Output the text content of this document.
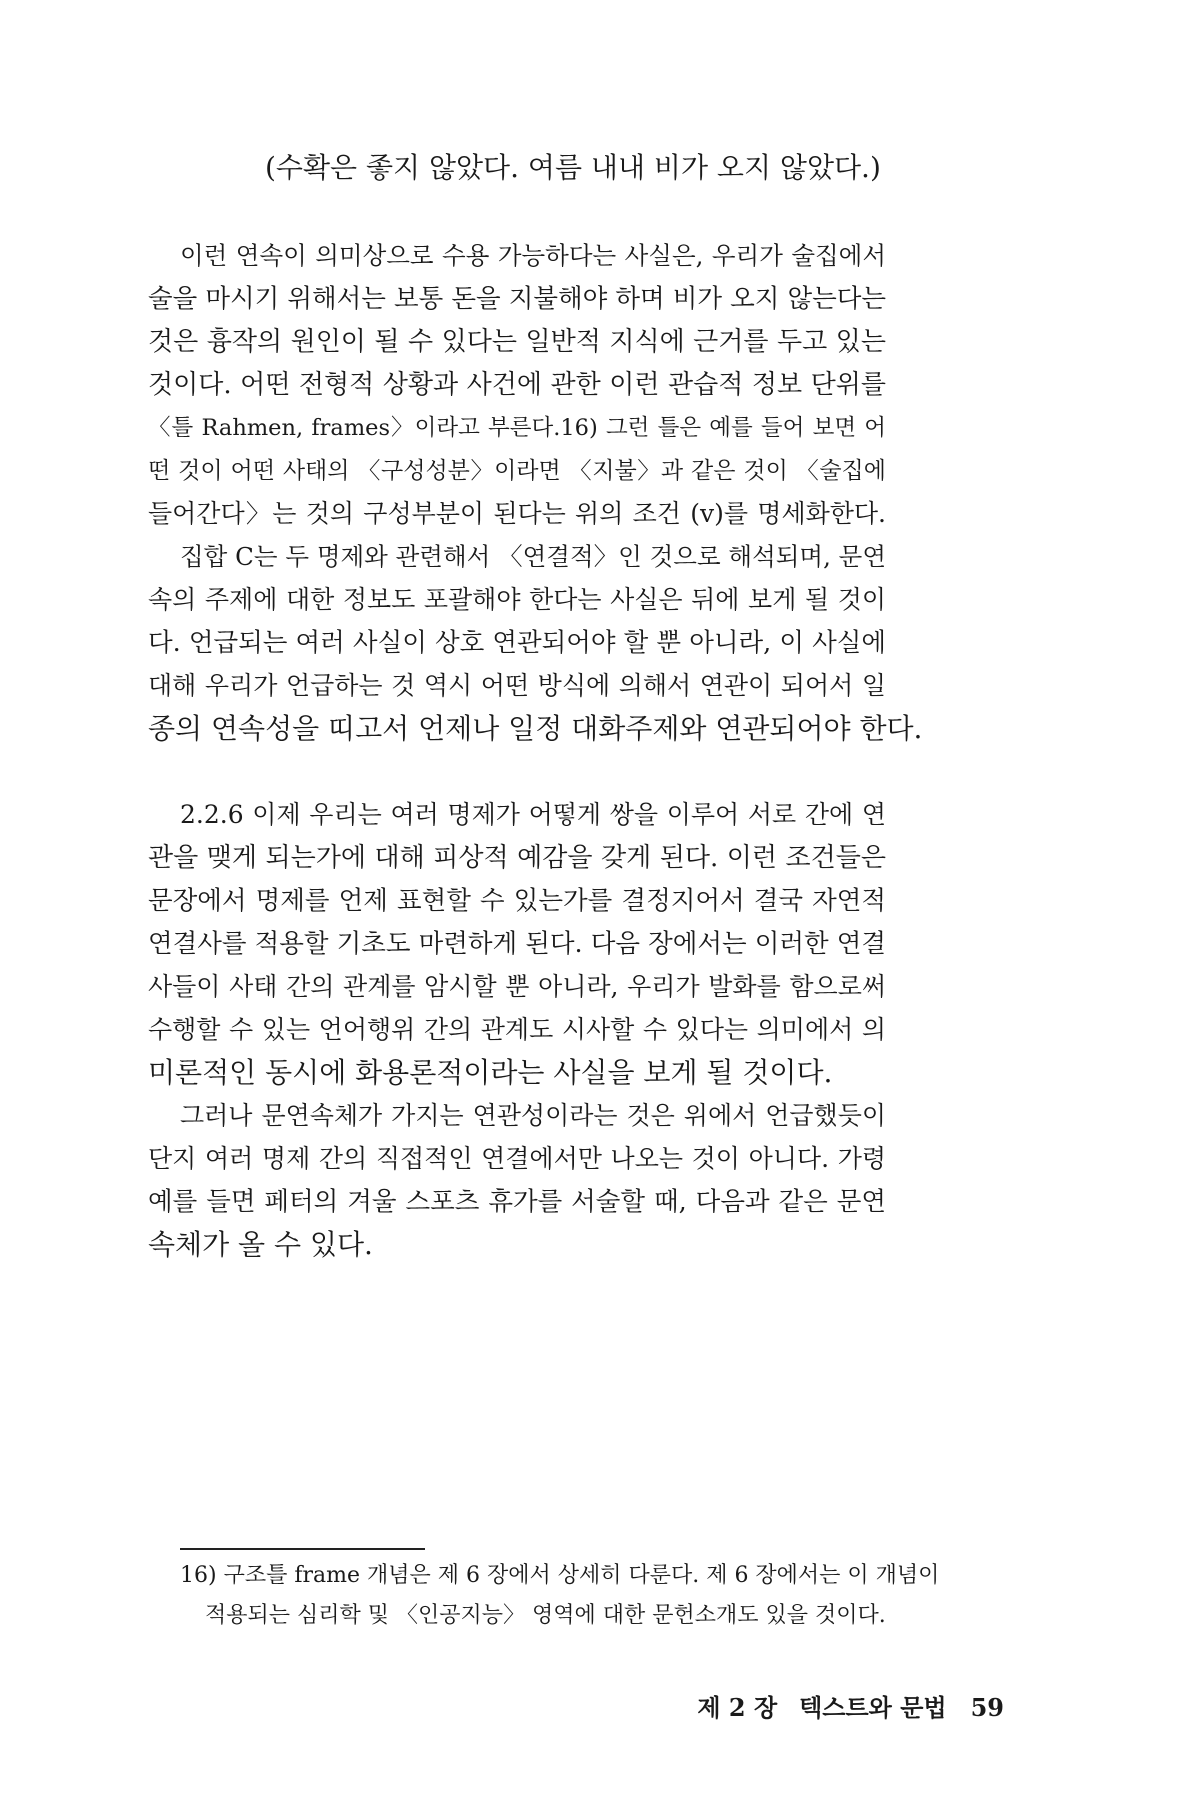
(수확은 좋지 않았다. 여름 내내 비가 오지 않았다.)
이런 연속이 의미상으로 수용 가능하다는 사실은, 우리가 술집에서
술을 마시기 위해서는 보통 돈을 지불해야 하며 비가 오지 않는다는
것은 흉작의 원인이 될 수 있다는 일반적 지식에 근거를 두고 있는
것이다. 어떤 전형적 상황과 사건에 관한 이런 관습적 정보 단위를
〈틀 Rahmen, frames〉이라고 부른다.16) 그런 틀은 예를 들어 보면 어
떤 것이 어떤 사태의 〈구성성분〉이라면 〈지불〉과 같은 것이 〈술집에
들어간다〉는 것의 구성부분이 된다는 위의 조건 (v)를 명세화한다.
집합 C는 두 명제와 관련해서 〈연결적〉인 것으로 해석되며, 문연
속의 주제에 대한 정보도 포괄해야 한다는 사실은 뒤에 보게 될 것이
다. 언급되는 여러 사실이 상호 연관되어야 할 뿐 아니라, 이 사실에
대해 우리가 언급하는 것 역시 어떤 방식에 의해서 연관이 되어서 일
종의 연속성을 띠고서 언제나 일정 대화주제와 연관되어야 한다.
2.2.6 이제 우리는 여러 명제가 어떻게 쌍을 이루어 서로 간에 연
관을 맺게 되는가에 대해 피상적 예감을 갖게 된다. 이런 조건들은
문장에서 명제를 언제 표현할 수 있는가를 결정지어서 결국 자연적
연결사를 적용할 기초도 마련하게 된다. 다음 장에서는 이러한 연결
사들이 사태 간의 관계를 암시할 뿐 아니라, 우리가 발화를 함으로써
수행할 수 있는 언어행위 간의 관계도 시사할 수 있다는 의미에서 의
미론적인 동시에 화용론적이라는 사실을 보게 될 것이다.
그러나 문연속체가 가지는 연관성이라는 것은 위에서 언급했듯이
단지 여러 명제 간의 직접적인 연결에서만 나오는 것이 아니다. 가령
예를 들면 페터의 겨울 스포츠 휴가를 서술할 때, 다음과 같은 문연
속체가 올 수 있다.
16) 구조틀 frame 개념은 제 6 장에서 상세히 다룬다. 제 6 장에서는 이 개념이
적용되는 심리학 및 〈인공지능〉 영역에 대한 문헌소개도 있을 것이다.
제 2 장 텍스트와 문법 59
